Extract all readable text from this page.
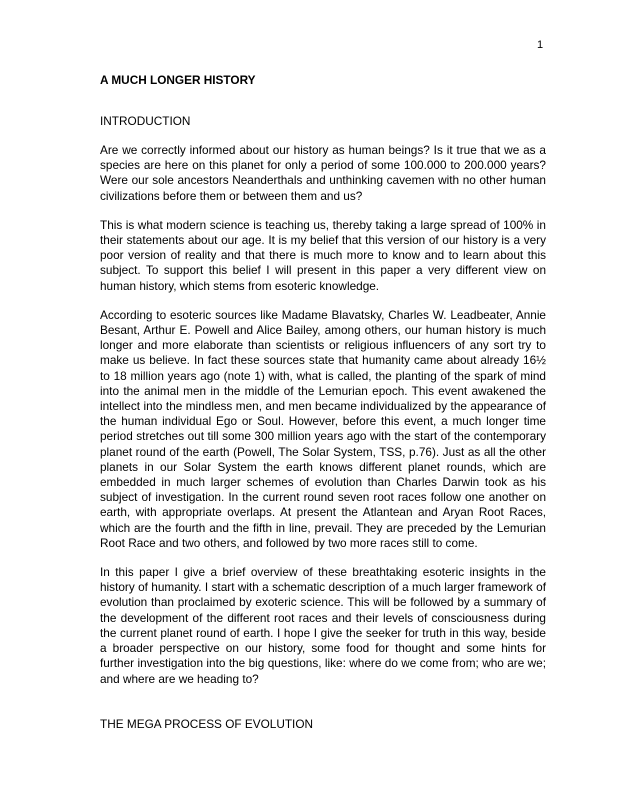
1

A MUCH LONGER HISTORY

INTRODUCTION

Are we correctly informed about our history as human beings? Is it true that we as a species are here on this planet for only a period of some 100.000 to 200.000 years? Were our sole ancestors Neanderthals and unthinking cavemen with no other human civilizations before them or between them and us?

This is what modern science is teaching us, thereby taking a large spread of 100% in their statements about our age. It is my belief that this version of our history is a very poor version of reality and that there is much more to know and to learn about this subject. To support this belief I will present in this paper a very different view on human history, which stems from esoteric knowledge.

According to esoteric sources like Madame Blavatsky, Charles W. Leadbeater, Annie Besant, Arthur E. Powell and Alice Bailey, among others, our human history is much longer and more elaborate than scientists or religious influencers of any sort try to make us believe. In fact these sources state that humanity came about already 16½ to 18 million years ago (note 1) with, what is called, the planting of the spark of mind into the animal men in the middle of the Lemurian epoch. This event awakened the intellect into the mindless men, and men became individualized by the appearance of the human individual Ego or Soul. However, before this event, a much longer time period stretches out till some 300 million years ago with the start of the contemporary planet round of the earth (Powell, The Solar System, TSS, p.76). Just as all the other planets in our Solar System the earth knows different planet rounds, which are embedded in much larger schemes of evolution than Charles Darwin took as his subject of investigation. In the current round seven root races follow one another on earth, with appropriate overlaps. At present the Atlantean and Aryan Root Races, which are the fourth and the fifth in line, prevail. They are preceded by the Lemurian Root Race and two others, and followed by two more races still to come.

In this paper I give a brief overview of these breathtaking esoteric insights in the history of humanity. I start with a schematic description of a much larger framework of evolution than proclaimed by exoteric science. This will be followed by a summary of the development of the different root races and their levels of consciousness during the current planet round of earth. I hope I give the seeker for truth in this way, beside a broader perspective on our history, some food for thought and some hints for further investigation into the big questions, like: where do we come from; who are we; and where are we heading to?

THE MEGA PROCESS OF EVOLUTION
